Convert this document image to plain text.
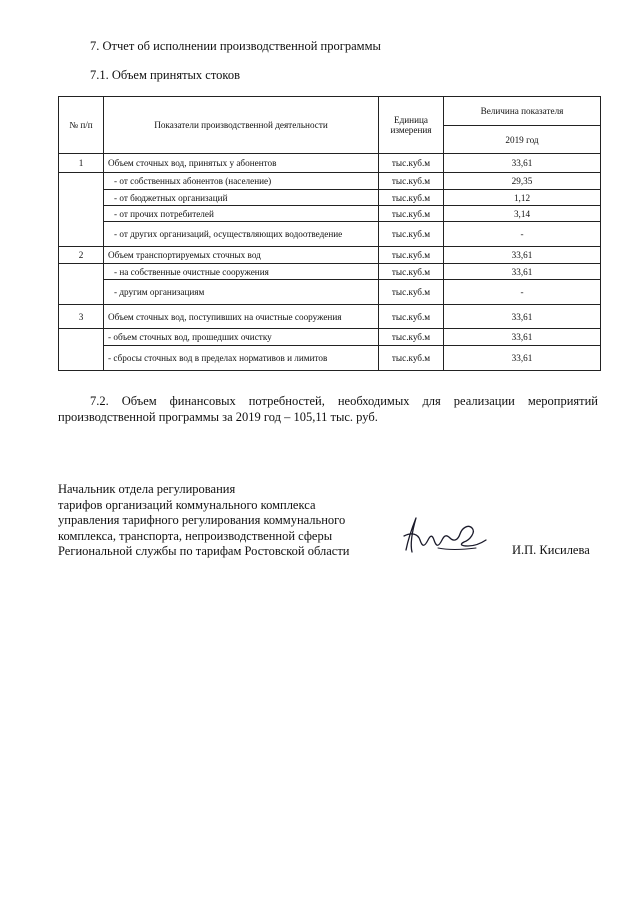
7. Отчет об исполнении производственной программы
7.1. Объем принятых стоков
№ п/п	Показатели производственной деятельности	Единица измерения	Величина показателя
			2019 год
1	Объем сточных вод, принятых у абонентов	тыс.куб.м	33,61
	- от собственных абонентов (население)	тыс.куб.м	29,35
	- от бюджетных организаций	тыс.куб.м	1,12
	- от прочих потребителей	тыс.куб.м	3,14
	- от других организаций, осуществляющих водоотведение	тыс.куб.м	-
2	Объем транспортируемых сточных вод	тыс.куб.м	33,61
	- на собственные очистные сооружения	тыс.куб.м	33,61
	- другим организациям	тыс.куб.м	-
3	Объем сточных вод, поступивших на очистные сооружения	тыс.куб.м	33,61
	- объем сточных вод, прошедших очистку	тыс.куб.м	33,61
	- сбросы сточных вод в пределах нормативов и лимитов	тыс.куб.м	33,61
7.2. Объем финансовых потребностей, необходимых для реализации мероприятий производственной программы за 2019 год – 105,11 тыс. руб.
Начальник отдела регулирования
тарифов организаций коммунального комплекса
управления тарифного регулирования коммунального
комплекса, транспорта, непроизводственной сферы
Региональной службы по тарифам Ростовской области	И.П. Кисилева
